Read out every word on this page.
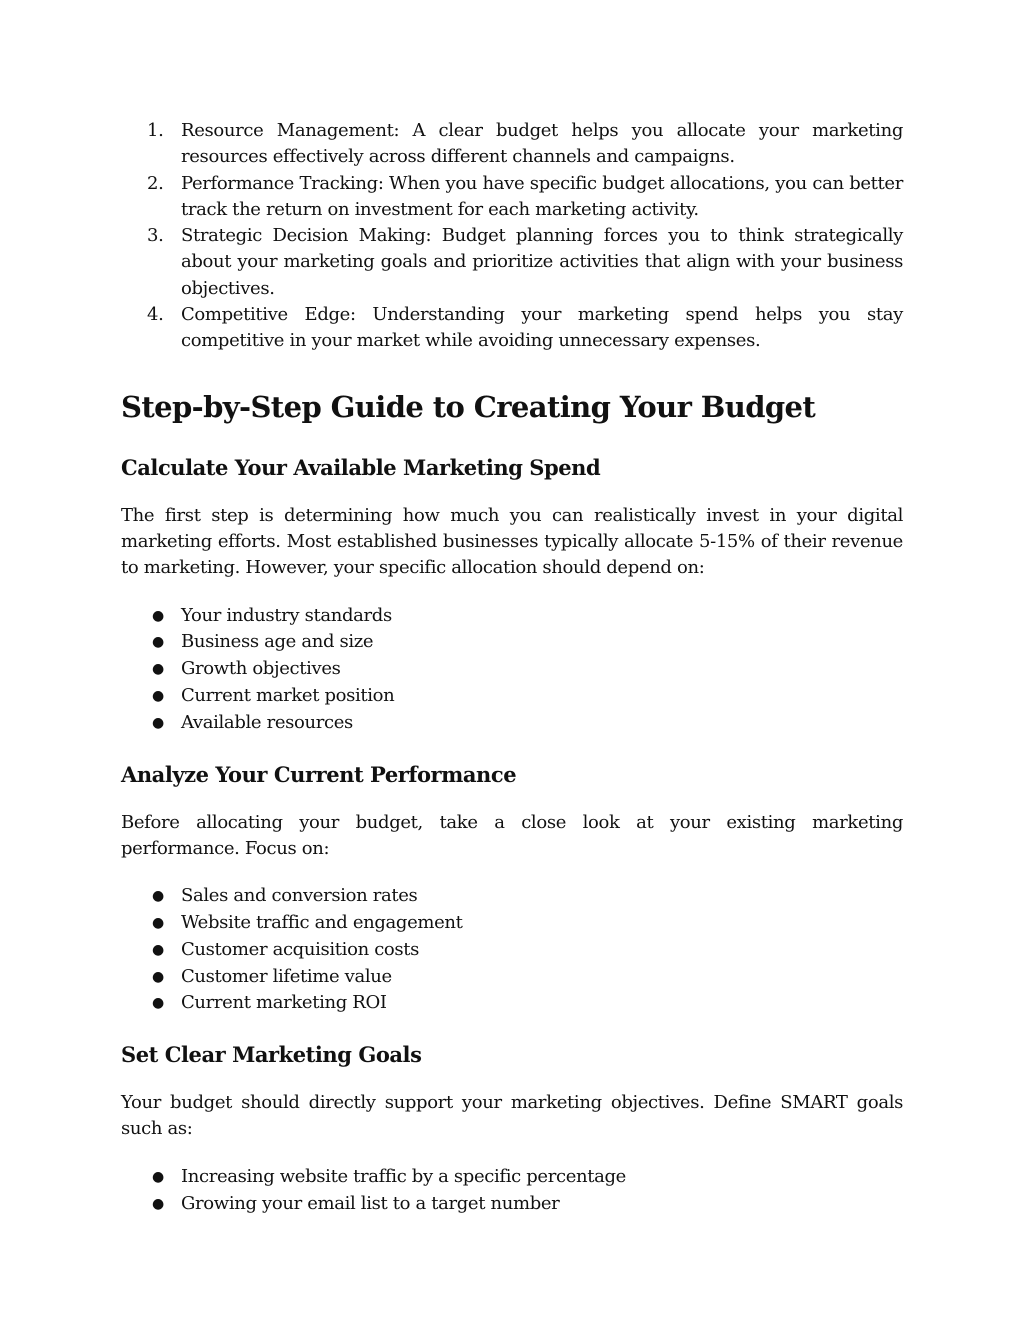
1. Resource Management: A clear budget helps you allocate your marketing resources effectively across different channels and campaigns.
2. Performance Tracking: When you have specific budget allocations, you can better track the return on investment for each marketing activity.
3. Strategic Decision Making: Budget planning forces you to think strategically about your marketing goals and prioritize activities that align with your business objectives.
4. Competitive Edge: Understanding your marketing spend helps you stay competitive in your market while avoiding unnecessary expenses.
Step-by-Step Guide to Creating Your Budget
Calculate Your Available Marketing Spend

The first step is determining how much you can realistically invest in your digital marketing efforts. Most established businesses typically allocate 5-15% of their revenue to marketing. However, your specific allocation should depend on:

● Your industry standards
● Business age and size
● Growth objectives
● Current market position
● Available resources
Analyze Your Current Performance

Before allocating your budget, take a close look at your existing marketing performance. Focus on:

● Sales and conversion rates
● Website traffic and engagement
● Customer acquisition costs
● Customer lifetime value
● Current marketing ROI
Set Clear Marketing Goals

Your budget should directly support your marketing objectives. Define SMART goals such as:

● Increasing website traffic by a specific percentage
● Growing your email list to a target number
